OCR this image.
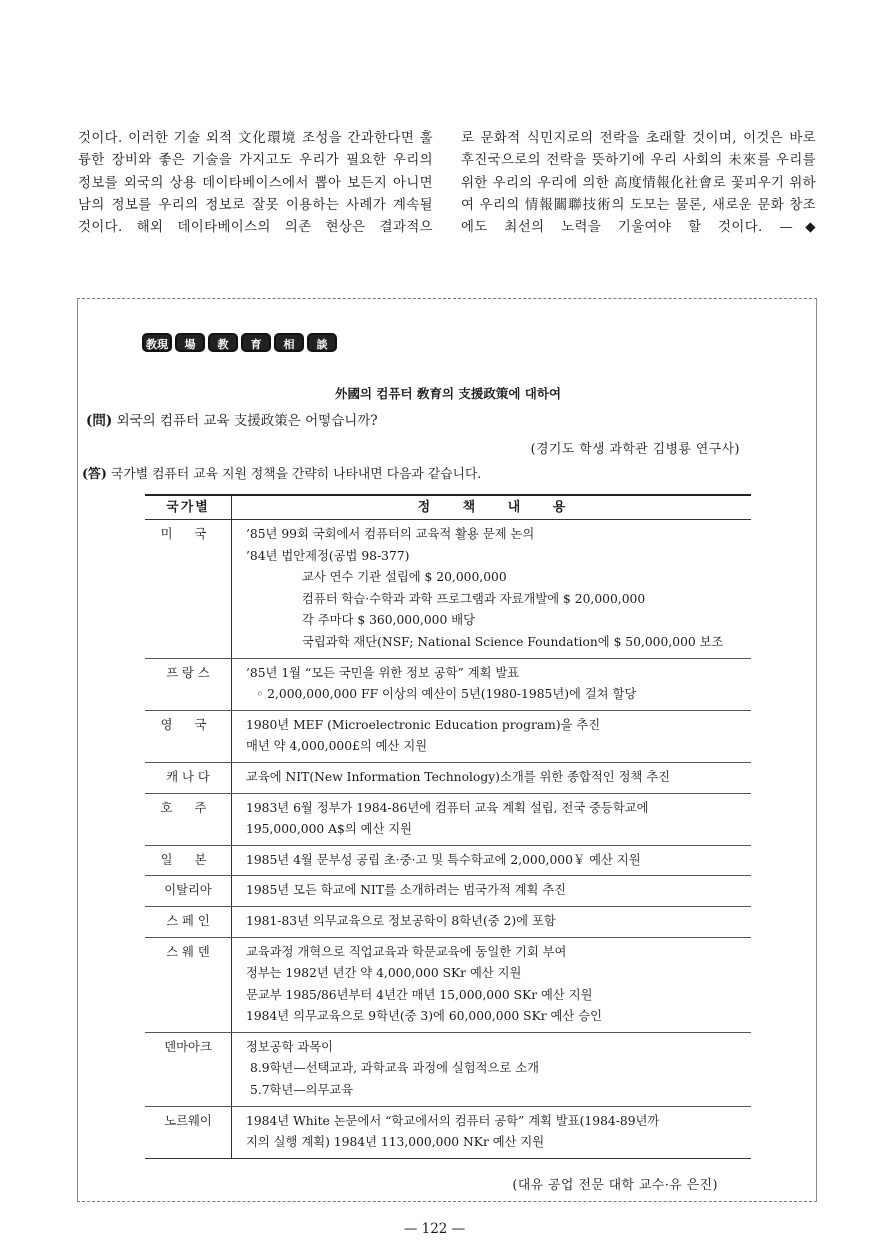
것이다. 이러한 기술 외적 文化環境 조성을 간과한다면 훌륭한 장비와 좋은 기술을 가지고도 우리가 필요한 우리의 정보를 외국의 상용 데이타베이스에서 뽑아 보든지 아니면 남의 정보를 우리의 정보로 잘못 이용하는 사례가 계속될 것이다. 해외 데이타베이스의 의존 현상은 결과적으

로 문화적 식민지로의 전락을 초래할 것이며, 이것은 바로 후진국으로의 전락을 뜻하기에 우리 사회의 未來를 우리를 위한 우리의 우리에 의한 高度情報化社會로 꽃피우기 위하여 우리의 情報關聯技術의 도모는 물론, 새로운 문화 창조에도 최선의 노력을 기울여야 할 것이다. —◆

教現	場	教	育	相	談
外國의 컴퓨터 敎育의 支援政策에 대하여
(問) 외국의 컴퓨터 교육 支援政策은 어떻습니까?
(경기도 학생 과학관 김병룡 연구사)
(答) 국가별 컴퓨터 교육 지원 정책을 간략히 나타내면 다음과 같습니다.
국가별	정 책 내 용
미 국	’85년 99회 국회에서 컴퓨터의 교육적 활용 문제 논의
’84년 법안제정(공법 98-377)
교사 연수 기관 설립에 $ 20,000,000
컴퓨터 학습·수학과 과학 프로그램과 자료개발에 $ 20,000,000
각 주마다 $ 360,000,000 배당
국립과학 재단(NSF; National Science Foundation에 $ 50,000,000 보조
프 랑 스	’85년 1월 “모든 국민을 위한 정보 공학” 계획 발표
◦ 2,000,000,000 FF 이상의 예산이 5년(1980-1985년)에 걸쳐 할당
영 국	1980년 MEF (Microelectronic Education program)을 추진
매년 약 4,000,000£의 예산 지원
캐 나 다	교육에 NIT(New Information Technology)소개를 위한 종합적인 정책 추진
호 주	1983년 6월 정부가 1984-86년에 컴퓨터 교육 계획 설립, 전국 중등학교에
195,000,000 A$의 예산 지원
일 본	1985년 4월 문부성 공립 초·중·고 및 특수학교에 2,000,000￥ 예산 지원
이탈리아	1985년 모든 학교에 NIT를 소개하려는 범국가적 계획 추진
스 페 인	1981-83년 의무교육으로 정보공학이 8학년(중 2)에 포함
스 웨 덴	교육과정 개혁으로 직업교육과 학문교육에 동일한 기회 부여
정부는 1982년 년간 약 4,000,000 SKr 예산 지원
문교부 1985/86년부터 4년간 매년 15,000,000 SKr 예산 지원
1984년 의무교육으로 9학년(중 3)에 60,000,000 SKr 예산 승인
덴마아크	정보공학 과목이
8.9학년—선택교과, 과학교육 과정에 실험적으로 소개
5.7학년—의무교육
노르웨이	1984년 White 논문에서 “학교에서의 컴퓨터 공학” 계획 발표(1984-89년까
지의 실행 계획) 1984년 113,000,000 NKr 예산 지원
(대유 공업 전문 대학 교수·유 은진)
— 122 —
